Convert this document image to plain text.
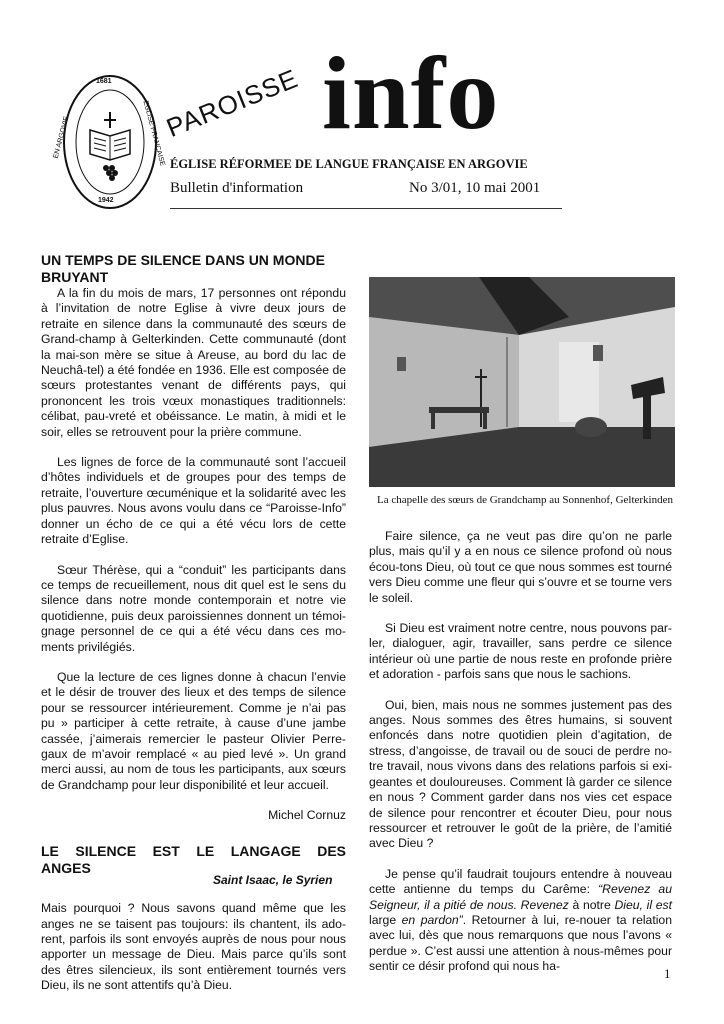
EN ARGOVIE
1681
EGLISE FRANÇAISE
1942
PAROISSE info
ÉGLISE RÉFORMEE DE LANGUE FRANÇAISE EN ARGOVIE
Bulletin d'information	No 3/01, 10 mai 2001
UN TEMPS DE SILENCE DANS UN MONDE BRUYANT

A la fin du mois de mars, 17 personnes ont répondu à l’invitation de notre Eglise à vivre deux jours de retraite en silence dans la communauté des sœurs de Grand-champ à Gelterkinden. Cette communauté (dont la mai-son mère se situe à Areuse, au bord du lac de Neuchâ-tel) a été fondée en 1936. Elle est composée de sœurs protestantes venant de différents pays, qui prononcent les trois vœux monastiques traditionnels: célibat, pau-vreté et obéissance. Le matin, à midi et le soir, elles se retrouvent pour la prière commune.

Les lignes de force de la communauté sont l’accueil d’hôtes individuels et de groupes pour des temps de retraite, l’ouverture œcuménique et la solidarité avec les plus pauvres. Nous avons voulu dans ce “Paroisse-Info” donner un écho de ce qui a été vécu lors de cette retraite d’Eglise.

Sœur Thérèse, qui a “conduit” les participants dans ce temps de recueillement, nous dit quel est le sens du silence dans notre monde contemporain et notre vie quotidienne, puis deux paroissiennes donnent un témoi-gnage personnel de ce qui a été vécu dans ces mo-ments privilégiés.

Que la lecture de ces lignes donne à chacun l’envie et le désir de trouver des lieux et des temps de silence pour se ressourcer intérieurement. Comme je n’ai pas pu » participer à cette retraite, à cause d’une jambe cassée, j’aimerais remercier le pasteur Olivier Perre-gaux de m’avoir remplacé « au pied levé ». Un grand merci aussi, au nom de tous les participants, aux sœurs de Grandchamp pour leur disponibilité et leur accueil.

Michel Cornuz
LE SILENCE EST LE LANGAGE DES
ANGES
Saint Isaac, le Syrien

Mais pourquoi ? Nous savons quand même que les anges ne se taisent pas toujours: ils chantent, ils ado-rent, parfois ils sont envoyés auprès de nous pour nous apporter un message de Dieu. Mais parce qu’ils sont des êtres silencieux, ils sont entièrement tournés vers Dieu, ils ne sont attentifs qu’à Dieu.

La chapelle des sœurs de Grandchamp au Sonnenhof, Gelterkinden

Faire silence, ça ne veut pas dire qu’on ne parle plus, mais qu’il y a en nous ce silence profond où nous écou-tons Dieu, où tout ce que nous sommes est tourné vers Dieu comme une fleur qui s’ouvre et se tourne vers le soleil.

Si Dieu est vraiment notre centre, nous pouvons par-ler, dialoguer, agir, travailler, sans perdre ce silence intérieur où une partie de nous reste en profonde prière et adoration - parfois sans que nous le sachions.

Oui, bien, mais nous ne sommes justement pas des anges. Nous sommes des êtres humains, si souvent enfoncés dans notre quotidien plein d’agitation, de stress, d’angoisse, de travail ou de souci de perdre no-tre travail, nous vivons dans des relations parfois si exi-geantes et douloureuses. Comment là garder ce silence en nous ? Comment garder dans nos vies cet espace de silence pour rencontrer et écouter Dieu, pour nous ressourcer et retrouver le goût de la prière, de l’amitié avec Dieu ?

Je pense qu’il faudrait toujours entendre à nouveau cette antienne du temps du Carême: “Revenez au Seigneur, il a pitié de nous. Revenez à notre Dieu, il est large en pardon”. Retourner à lui, re-nouer ta relation avec lui, dès que nous remarquons que nous l’avons « perdue ». C’est aussi une attention à nous-mêmes pour sentir ce désir profond qui nous ha-	1
